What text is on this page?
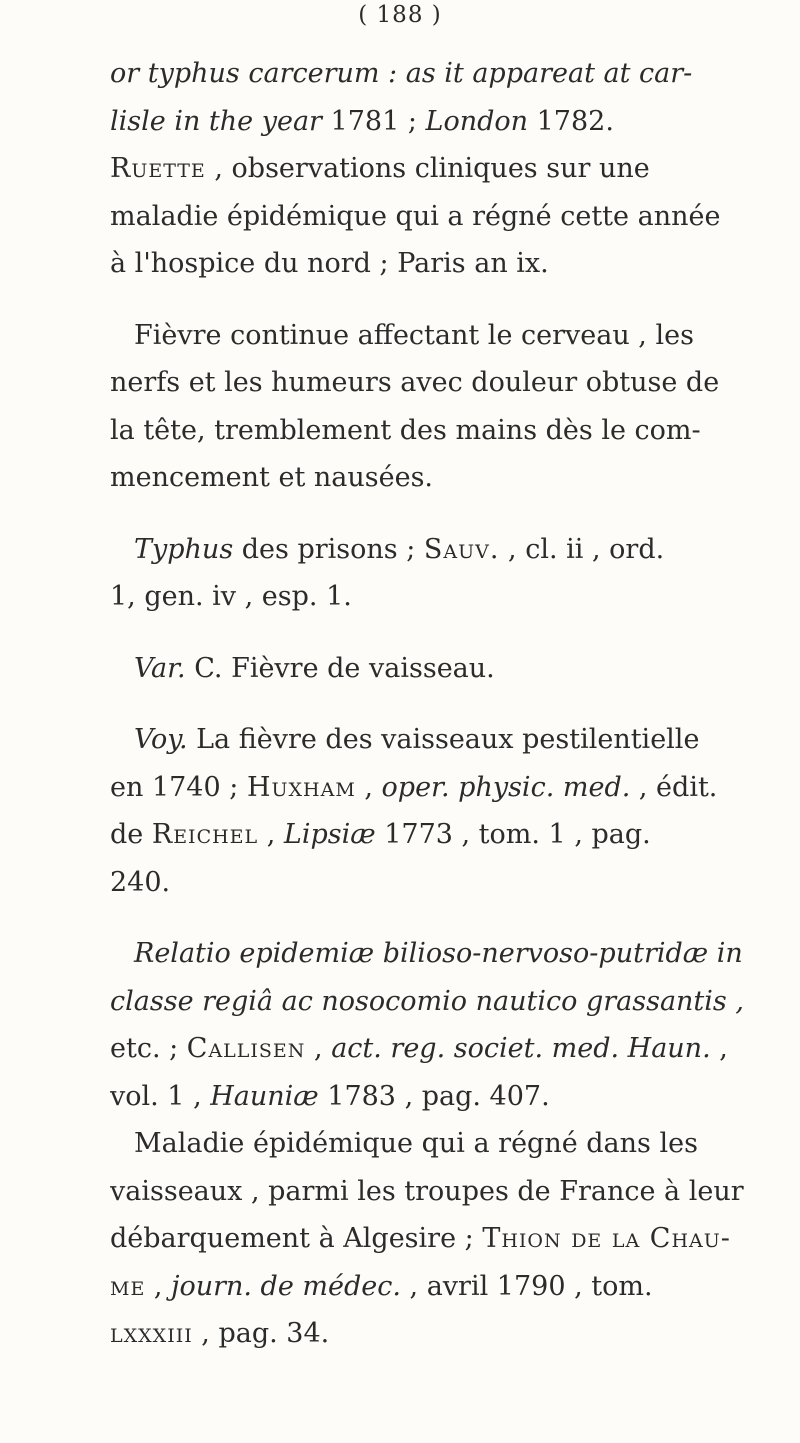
( 188 )
or typhus carcerum : as it appareat at car-
lisle in the year 1781 ; London 1782.
Ruette , observations cliniques sur une
maladie épidémique qui a régné cette année
à l'hospice du nord ; Paris an ix.
Fièvre continue affectant le cerveau , les
nerfs et les humeurs avec douleur obtuse de
la tête, tremblement des mains dès le com-
mencement et nausées.
Typhus des prisons ; Sauv. , cl. ii , ord.
1, gen. iv , esp. 1.
Var. C. Fièvre de vaisseau.
Voy. La fièvre des vaisseaux pestilentielle
en 1740 ; Huxham , oper. physic. med. , édit.
de Reichel , Lipsiæ 1773 , tom. 1 , pag.
240.
Relatio epidemiæ bilioso-nervoso-putridæ in
classe regiâ ac nosocomio nautico grassantis ,
etc. ; Callisen , act. reg. societ. med. Haun. ,
vol. 1 , Hauniæ 1783 , pag. 407.
Maladie épidémique qui a régné dans les
vaisseaux , parmi les troupes de France à leur
débarquement à Algesire ; Thion de la Chau-
me , journ. de médec. , avril 1790 , tom.
lxxxiii , pag. 34.
